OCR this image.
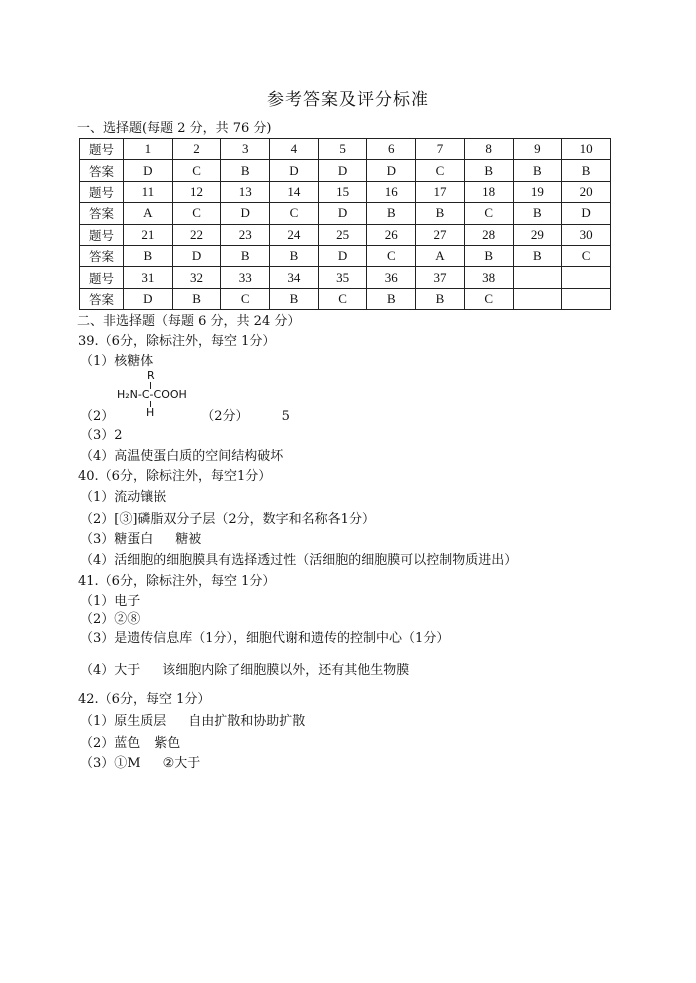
参考答案及评分标准
一、选择题(每题 2 分，共 76 分)
题号	1	2	3	4	5	6	7	8	9	10
答案	D	C	B	D	D	D	C	B	B	B
题号	11	12	13	14	15	16	17	18	19	20
答案	A	C	D	C	D	B	B	C	B	D
题号	21	22	23	24	25	26	27	28	29	30
答案	B	D	B	B	D	C	A	B	B	C
题号	31	32	33	34	35	36	37	38		
答案	D	B	C	B	C	B	B	C		
二、非选择题（每题 6 分，共 24 分）
39.（6分，除标注外，每空 1分）
（1）核糖体
R
H₂N-C-COOH
H
（2）	（2分）	5
（3）2
（4）高温使蛋白质的空间结构破坏
40.（6分，除标注外，每空1分）
（1）流动镶嵌
（2）[③]磷脂双分子层（2分，数字和名称各1分）
（3）糖蛋白 糖被
（4）活细胞的细胞膜具有选择透过性（活细胞的细胞膜可以控制物质进出）
41.（6分，除标注外，每空 1分）
（1）电子
（2）②⑧
（3）是遗传信息库（1分），细胞代谢和遗传的控制中心（1分）
（4）大于 该细胞内除了细胞膜以外，还有其他生物膜
42.（6分，每空 1分）
（1）原生质层 自由扩散和协助扩散
（2）蓝色 紫色
（3）①M ②大于
